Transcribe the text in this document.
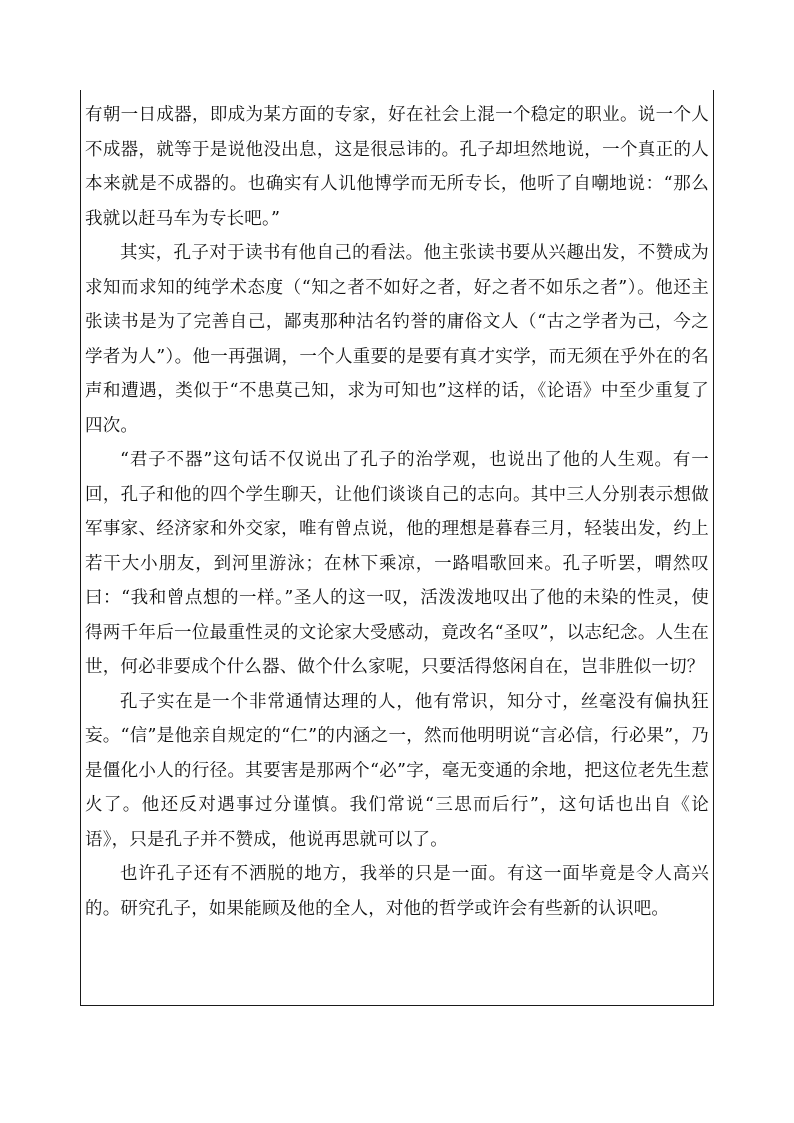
有朝一日成器，即成为某方面的专家，好在社会上混一个稳定的职业。说一个人不成器，就等于是说他没出息，这是很忌讳的。孔子却坦然地说，一个真正的人本来就是不成器的。也确实有人讥他博学而无所专长，他听了自嘲地说：“那么我就以赶马车为专长吧。”

其实，孔子对于读书有他自己的看法。他主张读书要从兴趣出发，不赞成为求知而求知的纯学术态度（“知之者不如好之者，好之者不如乐之者”）。他还主张读书是为了完善自己，鄙夷那种沽名钓誉的庸俗文人（“古之学者为己，今之学者为人”）。他一再强调，一个人重要的是要有真才实学，而无须在乎外在的名声和遭遇，类似于“不患莫己知，求为可知也”这样的话，《论语》中至少重复了四次。

“君子不器”这句话不仅说出了孔子的治学观，也说出了他的人生观。有一回，孔子和他的四个学生聊天，让他们谈谈自己的志向。其中三人分别表示想做军事家、经济家和外交家，唯有曾点说，他的理想是暮春三月，轻装出发，约上若干大小朋友，到河里游泳；在林下乘凉，一路唱歌回来。孔子听罢，喟然叹曰：“我和曾点想的一样。”圣人的这一叹，活泼泼地叹出了他的未染的性灵，使得两千年后一位最重性灵的文论家大受感动，竟改名“圣叹”，以志纪念。人生在世，何必非要成个什么器、做个什么家呢，只要活得悠闲自在，岂非胜似一切？

孔子实在是一个非常通情达理的人，他有常识，知分寸，丝毫没有偏执狂妄。“信”是他亲自规定的“仁”的内涵之一，然而他明明说“言必信，行必果”，乃是僵化小人的行径。其要害是那两个“必”字，毫无变通的余地，把这位老先生惹火了。他还反对遇事过分谨慎。我们常说“三思而后行”，这句话也出自《论语》，只是孔子并不赞成，他说再思就可以了。

也许孔子还有不洒脱的地方，我举的只是一面。有这一面毕竟是令人高兴的。研究孔子，如果能顾及他的全人，对他的哲学或许会有些新的认识吧。
